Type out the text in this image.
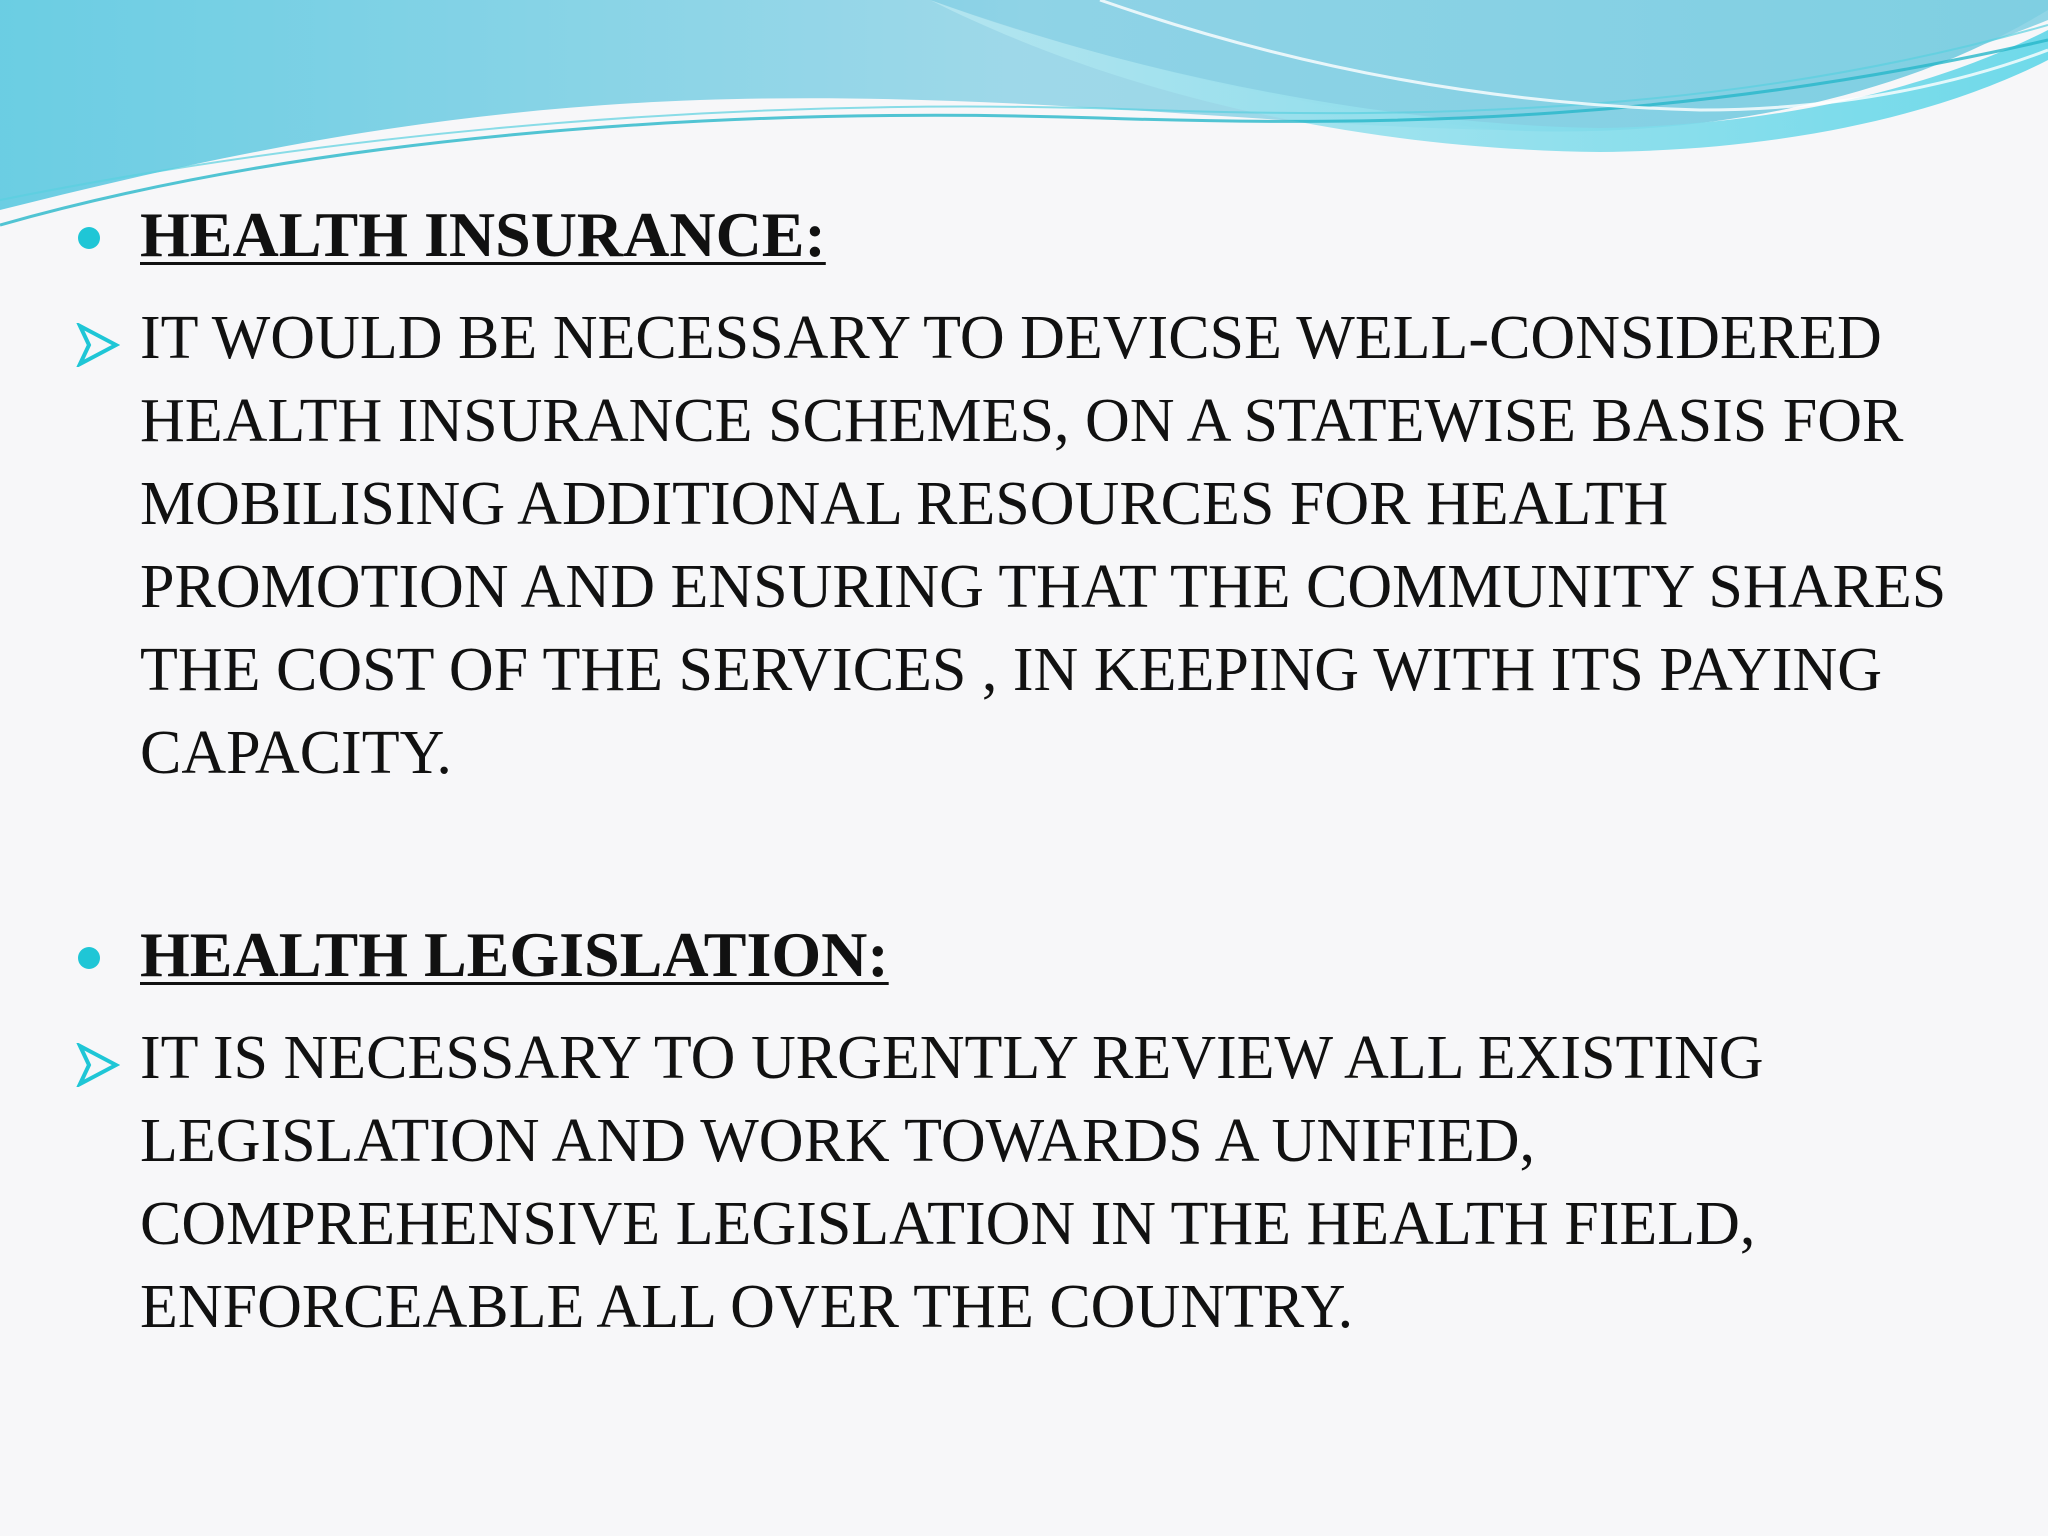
HEALTH INSURANCE:
IT WOULD BE NECESSARY TO DEVICSE WELL-CONSIDERED HEALTH INSURANCE SCHEMES, ON A STATEWISE BASIS FOR MOBILISING ADDITIONAL RESOURCES FOR HEALTH PROMOTION AND ENSURING THAT THE COMMUNITY SHARES THE COST OF THE SERVICES , IN KEEPING WITH ITS PAYING CAPACITY.
HEALTH LEGISLATION:
IT IS NECESSARY TO URGENTLY REVIEW ALL EXISTING LEGISLATION AND WORK TOWARDS A UNIFIED, COMPREHENSIVE LEGISLATION IN THE HEALTH FIELD, ENFORCEABLE ALL OVER THE COUNTRY.
